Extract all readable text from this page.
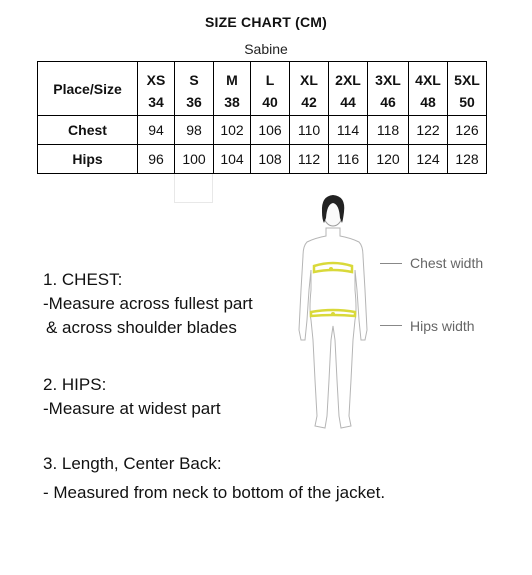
SIZE CHART (CM)
Sabine
Place/Size	XS	S	M	L	XL	2XL	3XL	4XL	5XL
	34	36	38	40	42	44	46	48	50
Chest	94	98	102	106	110	114	118	122	126
Hips	96	100	104	108	112	116	120	124	128
1. CHEST:
-Measure across fullest part
& across shoulder blades
2. HIPS:
-Measure at widest part
3. Length, Center Back:
- Measured from neck to bottom of the jacket.
Chest width
Hips width
